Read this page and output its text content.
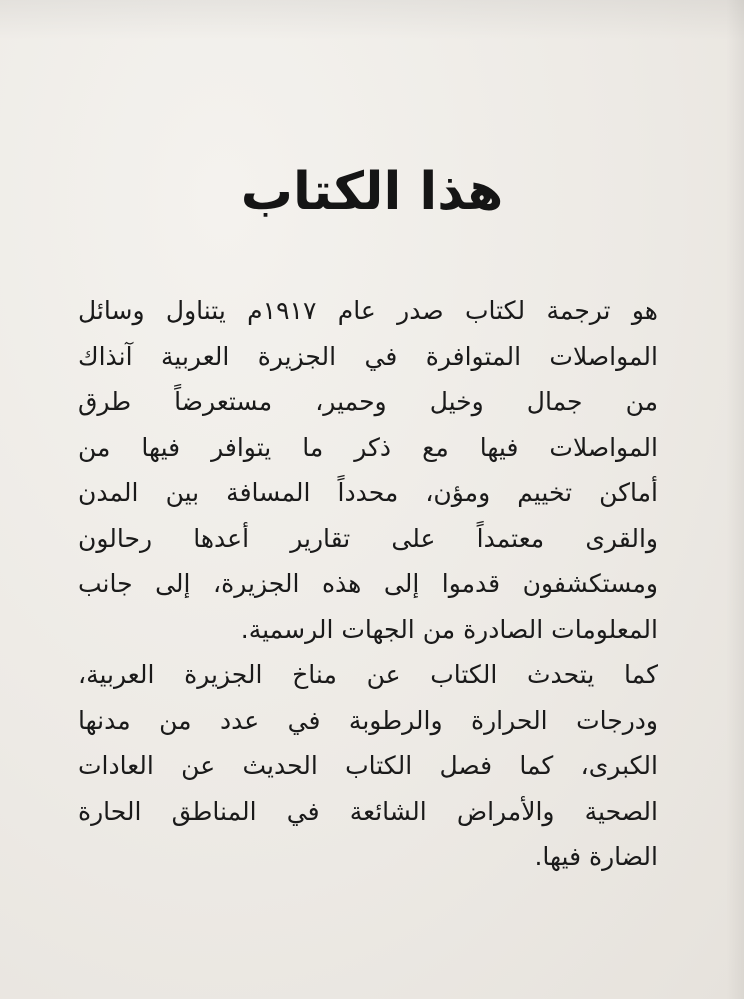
هذا الكتاب

هو ترجمة لكتاب صدر عام ١٩١٧م يتناول وسائل
المواصلات المتوافرة في الجزيرة العربية آنذاك
من جمال وخيل وحمير، مستعرضاً طرق
المواصلات فيها مع ذكر ما يتوافر فيها من
أماكن تخييم ومؤن، محدداً المسافة بين المدن
والقرى معتمداً على تقارير أعدها رحالون
ومستكشفون قدموا إلى هذه الجزيرة، إلى جانب
المعلومات الصادرة من الجهات الرسمية.

كما يتحدث الكتاب عن مناخ الجزيرة العربية،
ودرجات الحرارة والرطوبة في عدد من مدنها
الكبرى، كما فصل الكتاب الحديث عن العادات
الصحية والأمراض الشائعة في المناطق الحارة
الضارة فيها.
